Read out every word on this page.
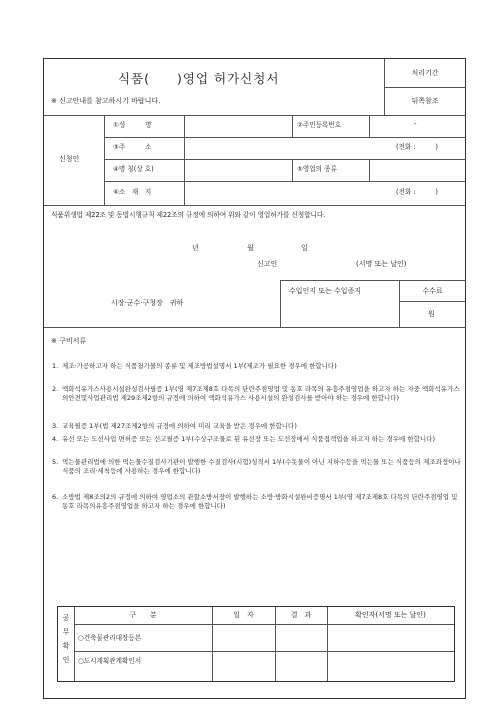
식품(　　)영업 허가신청서
※ 신고안내를 참고하시기 바랍니다.
처리기간
뒤쪽참조
신청인
①성　　　명	②주민등록번호	-
③주　　　소	(전화 :　　　)
④명 칭(상 호)	⑤영업의 종류
⑥소　재　지	(전화 :　　　)
식품위생법 제22조 및 동법시행규칙 제22조의 규정에 의하여 위와 같이 영업허가를 신청합니다.
년	월	일
신고인	(서명 또는 날인)
수입인지 또는 수입증지	수수료
원
시장·군수·구청장　귀하
※ 구비서류
1. 제조·가공하고자 하는 식품첨가물의 종류 및 제조방법설명서 1부(제조가 필요한 경우에 한합니다)
2. 액화석유가스사용시설완성검사필증 1부(영 제7조제8호 다목의 단란주점영업 및 동호 라목의 유흥주점영업을 하고자 하는 자중 액화석유가스의안전및사업관리법 제29조제2항의 규정에 의하여 액화석유가스 사용시설의 완성검사를 받아야 하는 경우에 한합니다)
3. 교육필증 1부(법 제27조제2항의 규정에 의하여 미리 교육을 받은 경우에 한합니다)
4. 유선 또는 도선사업 면허증 또는 신고필증 1부(수상구조물로 된 유선장 또는 도선장에서 식품접객업을 하고자 하는 경우에 한합니다)
5. 먹는물관리법에 의한 먹는물수질검사기관이 발행한 수질검사(시험)성적서 1부(수돗물이 아닌 지하수등을 먹는물 또는 식품등의 제조과정이나 식품의 조리·세척등에 사용하는 경우에 한합니다)
6. 소방법 제8조의2의 규정에 의하여 영업소의 관할소방서장이 발행하는 소방·방화시설완비증명서 1부(영 제7조제8호 다목의 단란주점영업 및 동호 라목의유흥주점영업을 하고자 하는 경우에 한합니다)
공
무
확
인
구　　분	일　자	결　과	확인자(서명 또는 날인)
○건축물관리대장등본
○도시계획관계확인서
